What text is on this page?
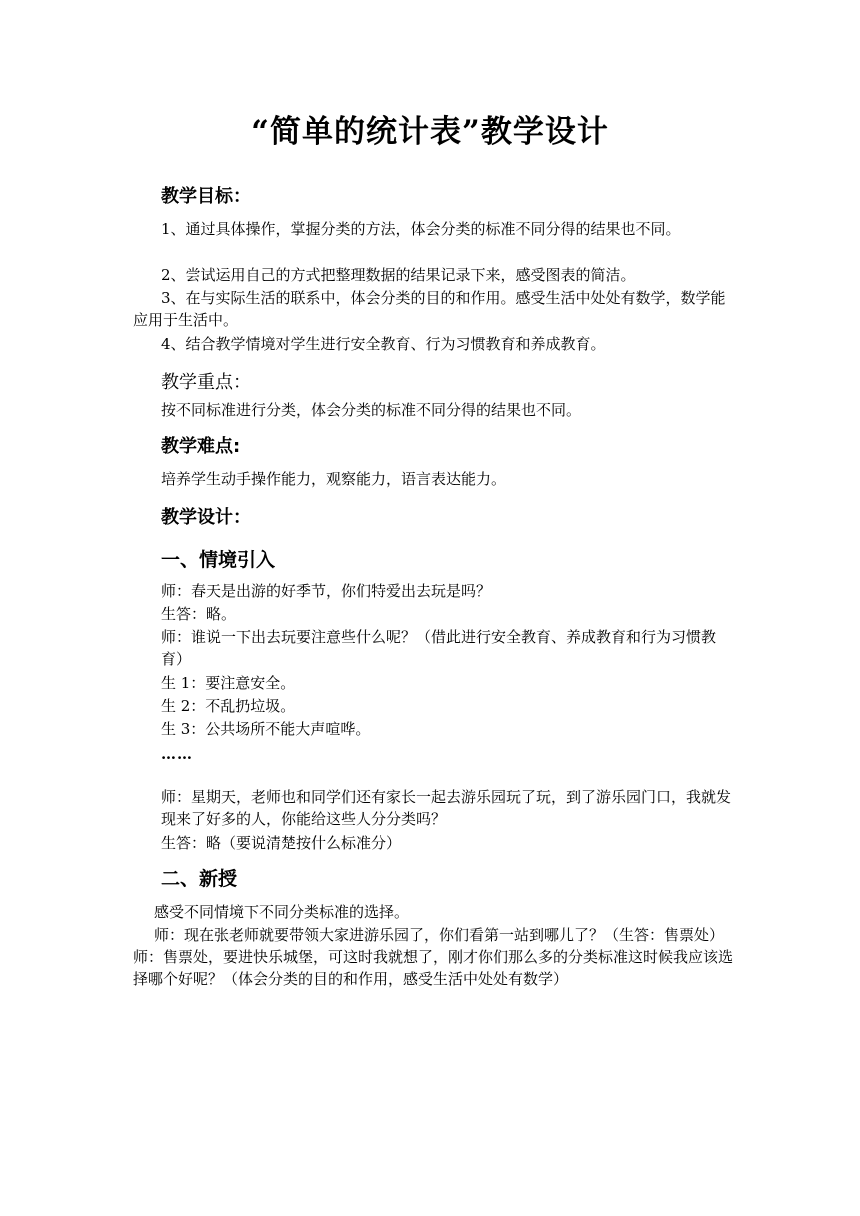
“简单的统计表”教学设计
教学目标：
1、通过具体操作，掌握分类的方法，体会分类的标准不同分得的结果也不同。
2、尝试运用自己的方式把整理数据的结果记录下来，感受图表的简洁。
3、在与实际生活的联系中，体会分类的目的和作用。感受生活中处处有数学，数学能应用于生活中。
4、结合教学情境对学生进行安全教育、行为习惯教育和养成教育。
教学重点：
按不同标准进行分类，体会分类的标准不同分得的结果也不同。
教学难点:
培养学生动手操作能力，观察能力，语言表达能力。
教学设计：
一、情境引入
师：春天是出游的好季节，你们特爱出去玩是吗？
生答：略。
师：谁说一下出去玩要注意些什么呢？（借此进行安全教育、养成教育和行为习惯教育）
生 1：要注意安全。
生 2：不乱扔垃圾。
生 3：公共场所不能大声喧哗。
……
师：星期天，老师也和同学们还有家长一起去游乐园玩了玩，到了游乐园门口，我就发现来了好多的人，你能给这些人分分类吗？
生答：略（要说清楚按什么标准分）
二、新授
感受不同情境下不同分类标准的选择。
师：现在张老师就要带领大家进游乐园了，你们看第一站到哪儿了？（生答：售票处）师：售票处，要进快乐城堡，可这时我就想了，刚才你们那么多的分类标准这时候我应该选择哪个好呢？（体会分类的目的和作用，感受生活中处处有数学）
